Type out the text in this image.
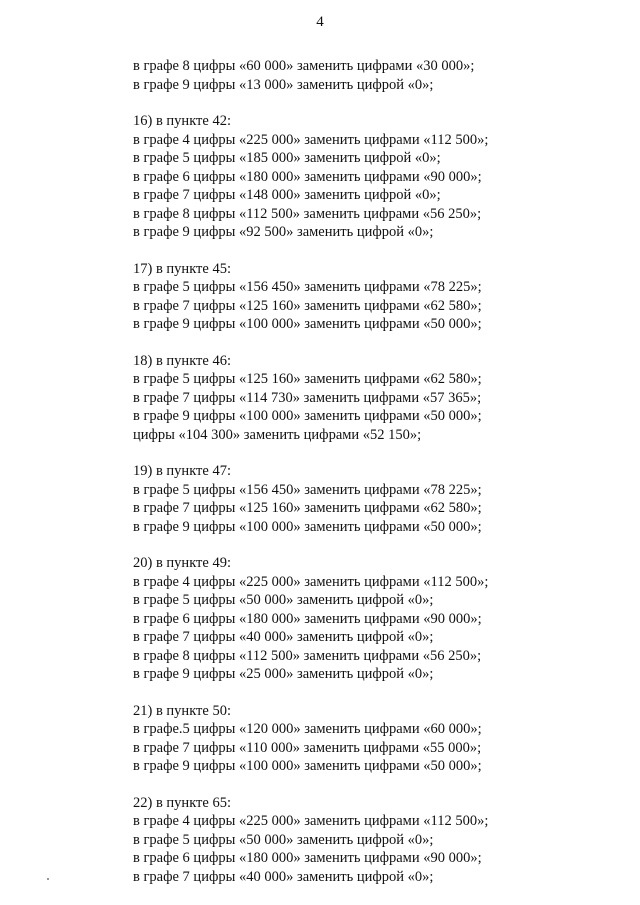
4
в графе 8 цифры «60 000» заменить цифрами «30 000»;
в графе 9 цифры «13 000» заменить цифрой «0»;
16) в пункте 42:
в графе 4 цифры «225 000» заменить цифрами «112 500»;
в графе 5 цифры «185 000» заменить цифрой «0»;
в графе 6 цифры «180 000» заменить цифрами «90 000»;
в графе 7 цифры «148 000» заменить цифрой «0»;
в графе 8 цифры «112 500» заменить цифрами «56 250»;
в графе 9 цифры «92 500» заменить цифрой «0»;
17) в пункте 45:
в графе 5 цифры «156 450» заменить цифрами «78 225»;
в графе 7 цифры «125 160» заменить цифрами «62 580»;
в графе 9 цифры «100 000» заменить цифрами «50 000»;
18) в пункте 46:
в графе 5 цифры «125 160» заменить цифрами «62 580»;
в графе 7 цифры «114 730» заменить цифрами «57 365»;
в графе 9 цифры «100 000» заменить цифрами «50 000»;
цифры «104 300» заменить цифрами «52 150»;
19) в пункте 47:
в графе 5 цифры «156 450» заменить цифрами «78 225»;
в графе 7 цифры «125 160» заменить цифрами «62 580»;
в графе 9 цифры «100 000» заменить цифрами «50 000»;
20) в пункте 49:
в графе 4 цифры «225 000» заменить цифрами «112 500»;
в графе 5 цифры «50 000» заменить цифрой «0»;
в графе 6 цифры «180 000» заменить цифрами «90 000»;
в графе 7 цифры «40 000» заменить цифрой «0»;
в графе 8 цифры «112 500» заменить цифрами «56 250»;
в графе 9 цифры «25 000» заменить цифрой «0»;
21) в пункте 50:
в графе.5 цифры «120 000» заменить цифрами «60 000»;
в графе 7 цифры «110 000» заменить цифрами «55 000»;
в графе 9 цифры «100 000» заменить цифрами «50 000»;
22) в пункте 65:
в графе 4 цифры «225 000» заменить цифрами «112 500»;
в графе 5 цифры «50 000» заменить цифрой «0»;
в графе 6 цифры «180 000» заменить цифрами «90 000»;
в графе 7 цифры «40 000» заменить цифрой «0»;
